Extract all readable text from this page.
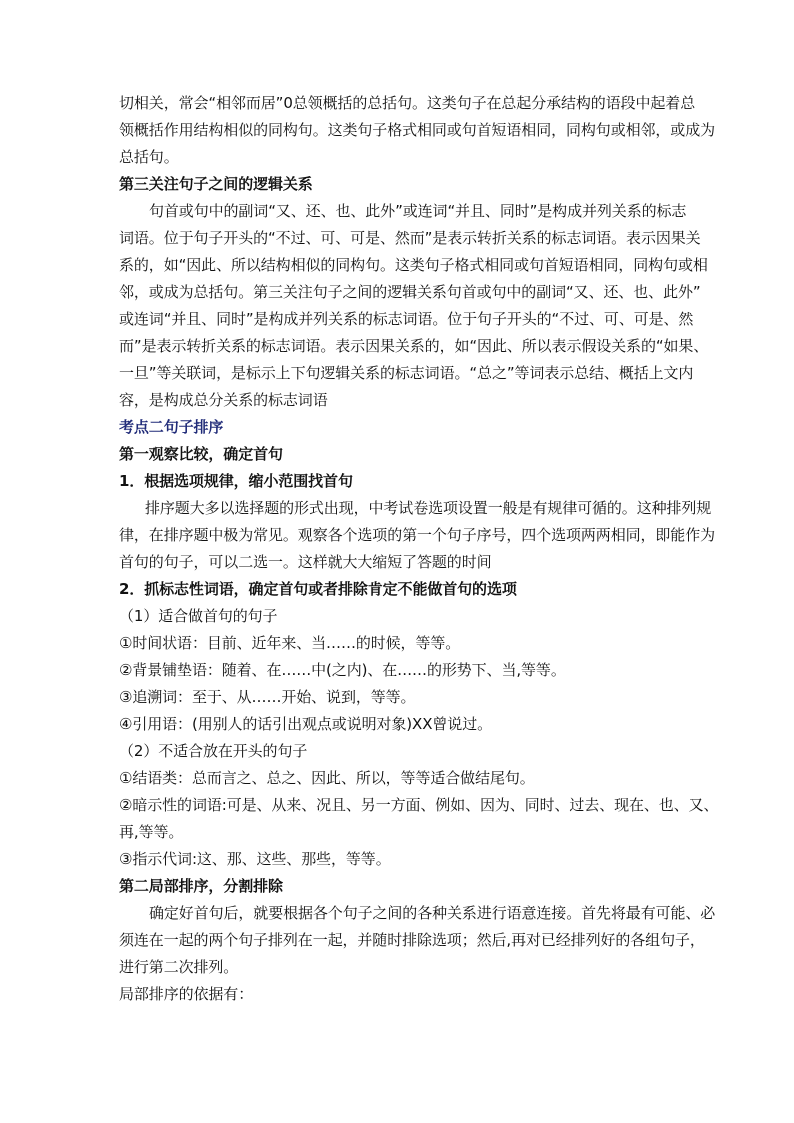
切相关，常会“相邻而居”0总领概括的总括句。这类句子在总起分承结构的语段中起着总
领概括作用结构相似的同构句。这类句子格式相同或句首短语相同，同构句或相邻，或成为
总括句。
第三关注句子之间的逻辑关系
句首或句中的副词“又、还、也、此外”或连词“并且、同时”是构成并列关系的标志
词语。位于句子开头的“不过、可、可是、然而”是表示转折关系的标志词语。表示因果关
系的，如“因此、所以结构相似的同构句。这类句子格式相同或句首短语相同，同构句或相
邻，或成为总括句。第三关注句子之间的逻辑关系句首或句中的副词“又、还、也、此外”
或连词“并且、同时”是构成并列关系的标志词语。位于句子开头的“不过、可、可是、然
而”是表示转折关系的标志词语。表示因果关系的，如“因此、所以表示假设关系的“如果、
一旦”等关联词，是标示上下句逻辑关系的标志词语。“总之”等词表示总结、概括上文内
容，是构成总分关系的标志词语
考点二句子排序
第一观察比较，确定首句
1．根据选项规律，缩小范围找首句
排序题大多以选择题的形式出现，中考试卷选项设置一般是有规律可循的。这种排列规
律，在排序题中极为常见。观察各个选项的第一个句子序号，四个选项两两相同，即能作为
首句的句子，可以二选一。这样就大大缩短了答题的时间
2．抓标志性词语，确定首句或者排除肯定不能做首句的选项
（1）适合做首句的句子
①时间状语：目前、近年来、当……的时候，等等。
②背景铺垫语：随着、在……中(之内)、在……的形势下、当,等等。
③追溯词：至于、从……开始、说到，等等。
④引用语：(用别人的话引出观点或说明对象)XX曾说过。
（2）不适合放在开头的句子
①结语类：总而言之、总之、因此、所以，等等适合做结尾句。
②暗示性的词语:可是、从来、况且、另一方面、例如、因为、同时、过去、现在、也、又、
再,等等。
③指示代词:这、那、这些、那些，等等。
第二局部排序，分割排除
确定好首句后，就要根据各个句子之间的各种关系进行语意连接。首先将最有可能、必
须连在一起的两个句子排列在一起，并随时排除选项；然后,再对已经排列好的各组句子，
进行第二次排列。
局部排序的依据有：
